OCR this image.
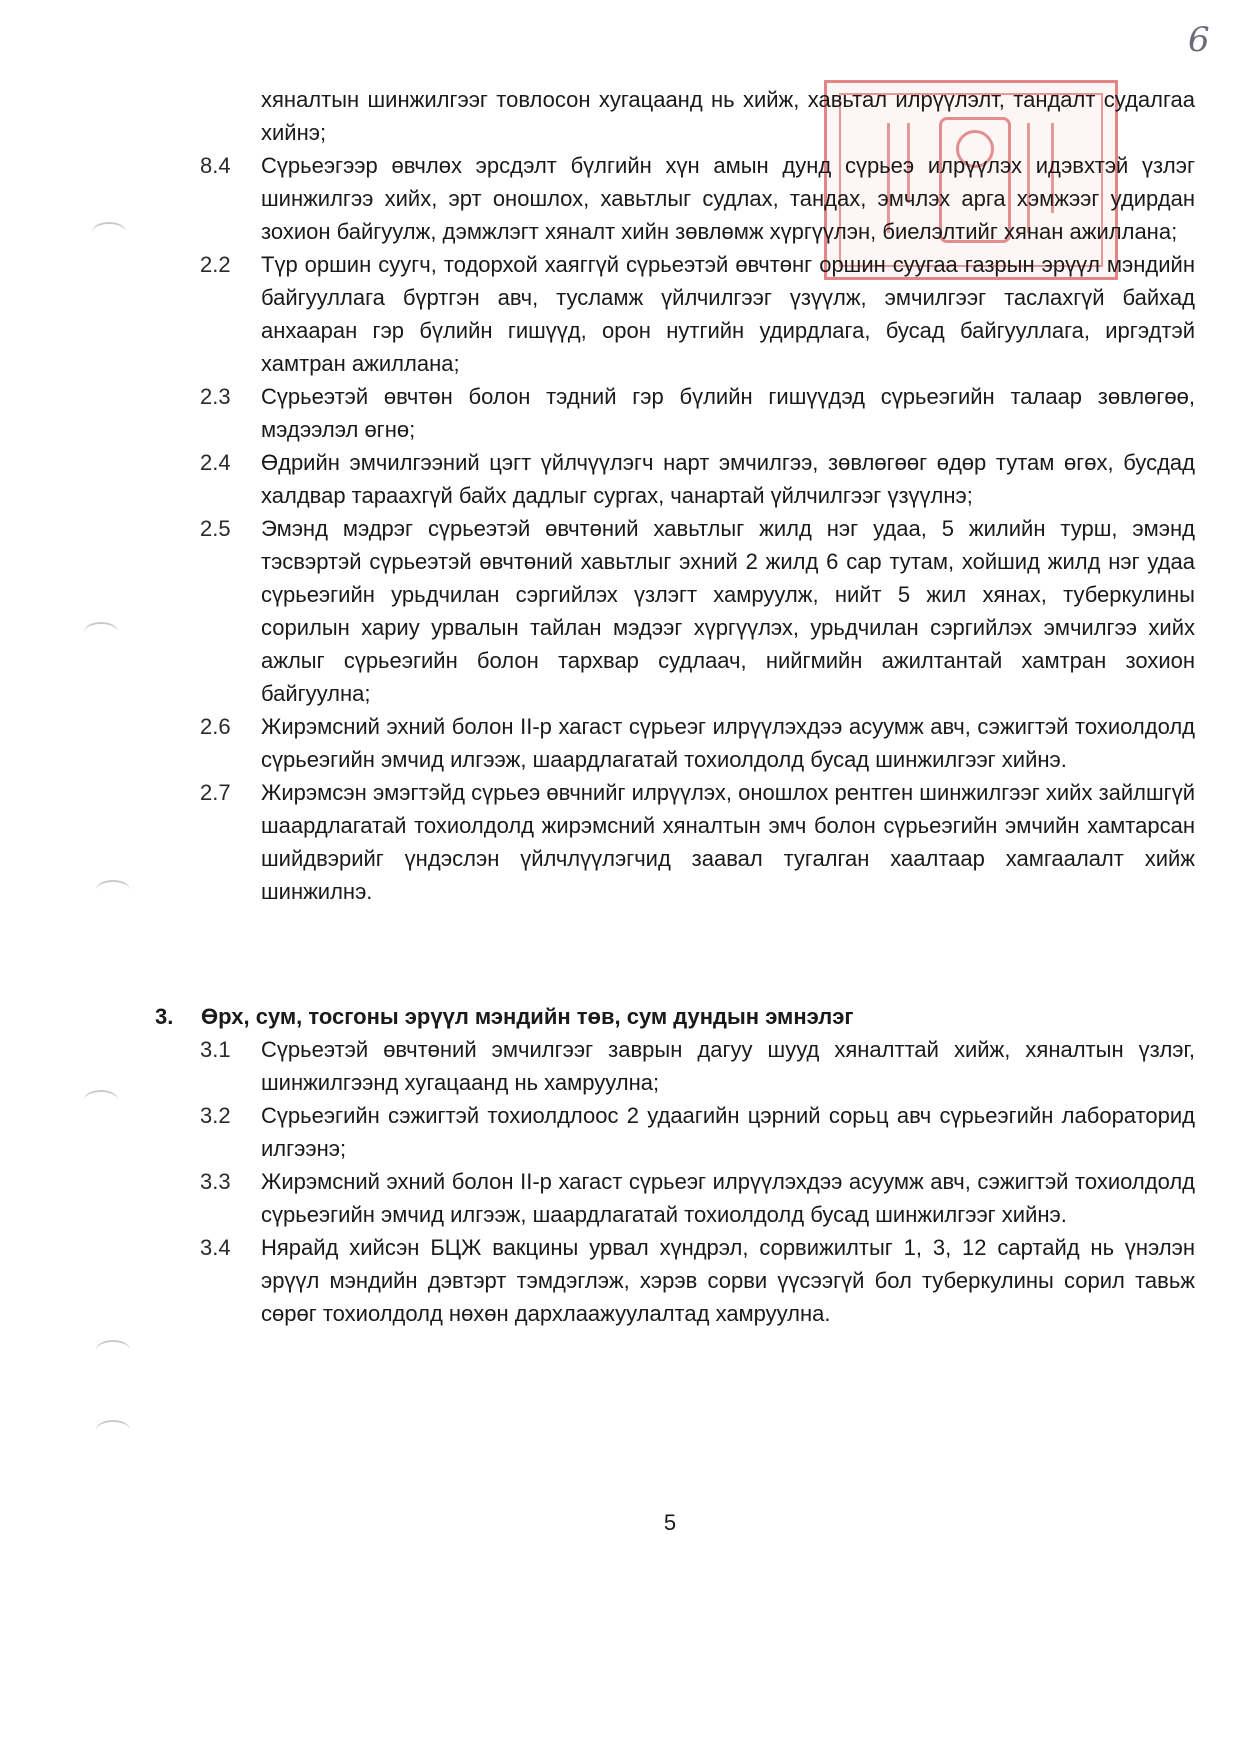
6
хяналтын шинжилгээг товлосон хугацаанд нь хийж, хавьтал илрүүлэлт, тандалт судалгаа хийнэ;
8.4	Сүрьеэгээр өвчлөх эрсдэлт бүлгийн хүн амын дунд сүрьеэ илрүүлэх идэвхтэй үзлэг шинжилгээ хийх, эрт оношлох, хавьтлыг судлах, тандах, эмчлэх арга хэмжээг удирдан зохион байгуулж, дэмжлэгт хяналт хийн зөвлөмж хүргүүлэн, биелэлтийг хянан ажиллана;
2.2	Түр оршин суугч, тодорхой хаяггүй сүрьеэтэй өвчтөнг оршин суугаа газрын эрүүл мэндийн байгууллага бүртгэн авч, тусламж үйлчилгээг үзүүлж, эмчилгээг таслахгүй байхад анхааран гэр бүлийн гишүүд, орон нутгийн удирдлага, бусад байгууллага, иргэдтэй хамтран ажиллана;
2.3	Сүрьеэтэй өвчтөн болон тэдний гэр бүлийн гишүүдэд сүрьеэгийн талаар зөвлөгөө, мэдээлэл өгнө;
2.4	Өдрийн эмчилгээний цэгт үйлчүүлэгч нарт эмчилгээ, зөвлөгөөг өдөр тутам өгөх, бусдад халдвар тараахгүй байх дадлыг сургах, чанартай үйлчилгээг үзүүлнэ;
2.5	Эмэнд мэдрэг сүрьеэтэй өвчтөний хавьтлыг жилд нэг удаа, 5 жилийн турш, эмэнд тэсвэртэй сүрьеэтэй өвчтөний хавьтлыг эхний 2 жилд 6 сар тутам, хойшид жилд нэг удаа сүрьеэгийн урьдчилан сэргийлэх үзлэгт хамруулж, нийт 5 жил хянах, туберкулины сорилын хариу урвалын тайлан мэдээг хүргүүлэх, урьдчилан сэргийлэх эмчилгээ хийх ажлыг сүрьеэгийн болон тархвар судлаач, нийгмийн ажилтантай хамтран зохион байгуулна;
2.6	Жирэмсний эхний болон II-р хагаст сүрьеэг илрүүлэхдээ асуумж авч, сэжигтэй тохиолдолд сүрьеэгийн эмчид илгээж, шаардлагатай тохиолдолд бусад шинжилгээг хийнэ.
2.7	Жирэмсэн эмэгтэйд сүрьеэ өвчнийг илрүүлэх, оношлох рентген шинжилгээг хийх зайлшгүй шаардлагатай тохиолдолд жирэмсний хяналтын эмч болон сүрьеэгийн эмчийн хамтарсан шийдвэрийг үндэслэн үйлчлүүлэгчид заавал тугалган хаалтаар хамгаалалт хийж шинжилнэ.
3.	Өрх, сум, тосгоны эрүүл мэндийн төв, сум дундын эмнэлэг
3.1	Сүрьеэтэй өвчтөний эмчилгээг заврын дагуу шууд хяналттай хийж, хяналтын үзлэг, шинжилгээнд хугацаанд нь хамруулна;
3.2	Сүрьеэгийн сэжигтэй тохиолдлоос 2 удаагийн цэрний сорьц авч сүрьеэгийн лабораторид илгээнэ;
3.3	Жирэмсний эхний болон II-р хагаст сүрьеэг илрүүлэхдээ асуумж авч, сэжигтэй тохиолдолд сүрьеэгийн эмчид илгээж, шаардлагатай тохиолдолд бусад шинжилгээг хийнэ.
3.4	Нярайд хийсэн БЦЖ вакцины урвал хүндрэл, сорвижилтыг 1, 3, 12 сартайд нь үнэлэн эрүүл мэндийн дэвтэрт тэмдэглэж, хэрэв сорви үүсээгүй бол туберкулины сорил тавьж сөрөг тохиолдолд нөхөн дархлаажуулалтад хамруулна.
5
